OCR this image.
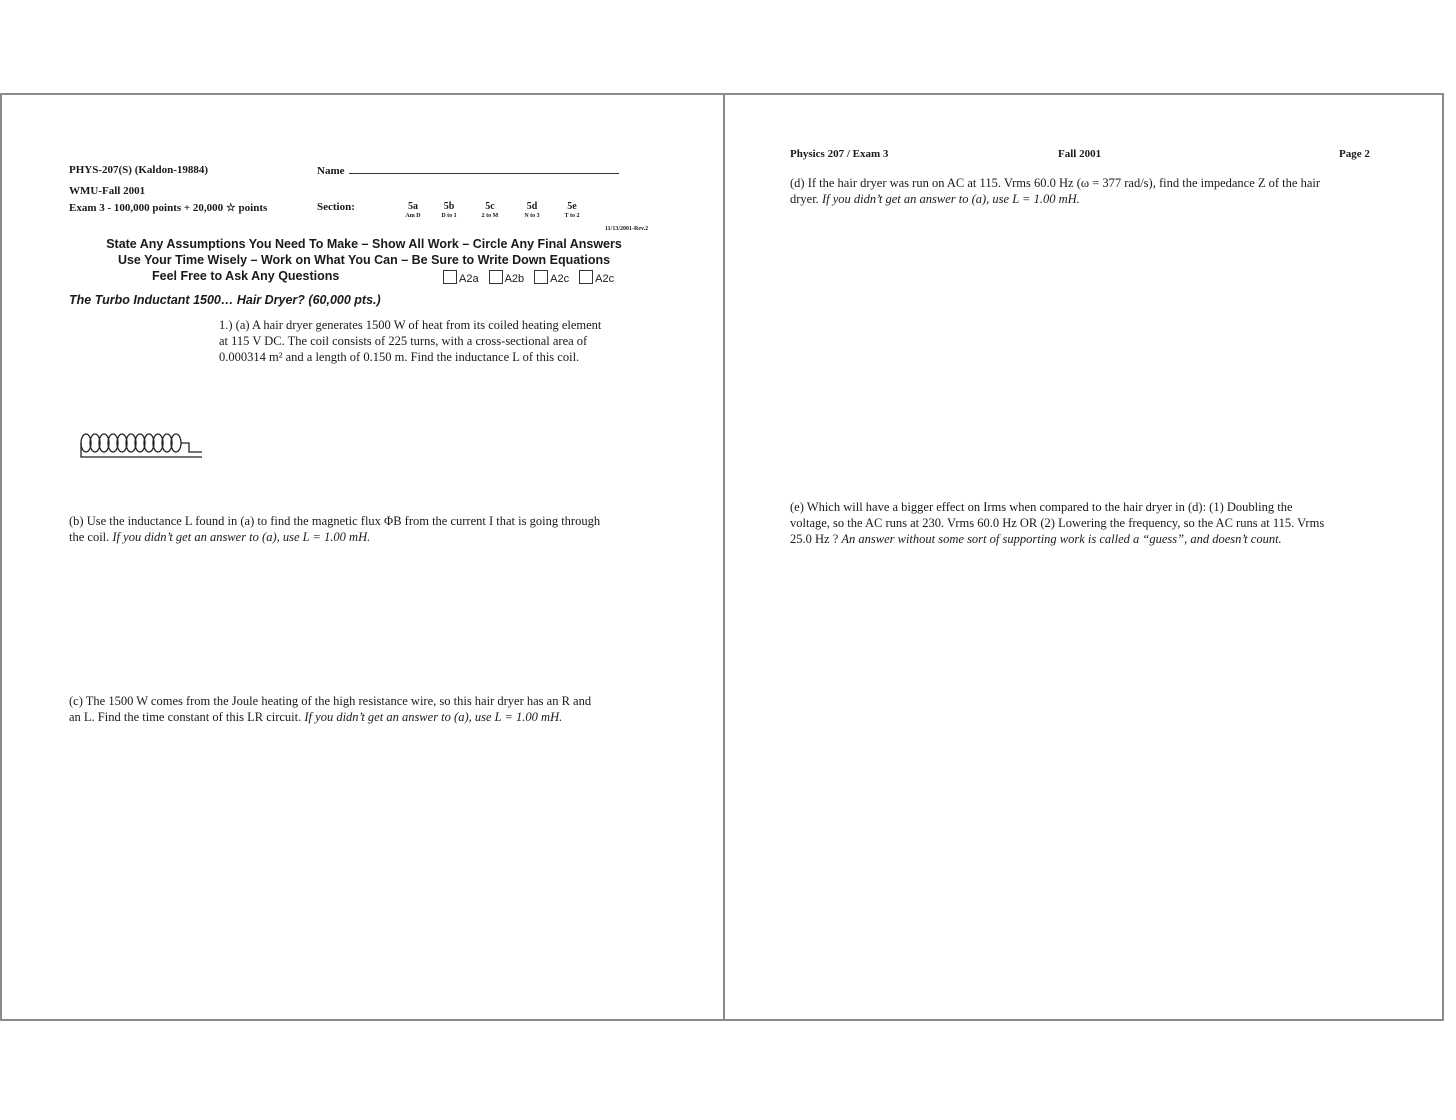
PHYS-207(S) (Kaldon-19884)	Name
WMU-Fall 2001
Exam 3 - 100,000 points + 20,000 ☆ points	Section:	5a
Am D
5b
D to 1
5c
2 to M
5d
N to 3
5e
T to 2
11/13/2001-Rev.2
State Any Assumptions You Need To Make – Show All Work – Circle Any Final Answers
Use Your Time Wisely – Work on What You Can – Be Sure to Write Down Equations
Feel Free to Ask Any Questions	A2a A2b A2c A2c
The Turbo Inductant 1500… Hair Dryer? (60,000 pts.)
1.) (a) A hair dryer generates 1500 W of heat from its coiled heating element
at 115 V DC. The coil consists of 225 turns, with a cross-sectional area of
0.000314 m² and a length of 0.150 m. Find the inductance L of this coil.
(b) Use the inductance L found in (a) to find the magnetic flux ΦB from the current I that is going through
the coil. If you didn’t get an answer to (a), use L = 1.00 mH.
(c) The 1500 W comes from the Joule heating of the high resistance wire, so this hair dryer has an R and
an L. Find the time constant of this LR circuit. If you didn’t get an answer to (a), use L = 1.00 mH.
Physics 207 / Exam 3	Fall 2001	Page 2
(d) If the hair dryer was run on AC at 115. Vrms 60.0 Hz (ω = 377 rad/s), find the impedance Z of the hair
dryer. If you didn’t get an answer to (a), use L = 1.00 mH.
(e) Which will have a bigger effect on Irms when compared to the hair dryer in (d): (1) Doubling the
voltage, so the AC runs at 230. Vrms 60.0 Hz OR (2) Lowering the frequency, so the AC runs at 115. Vrms
25.0 Hz ? An answer without some sort of supporting work is called a “guess”, and doesn’t count.
